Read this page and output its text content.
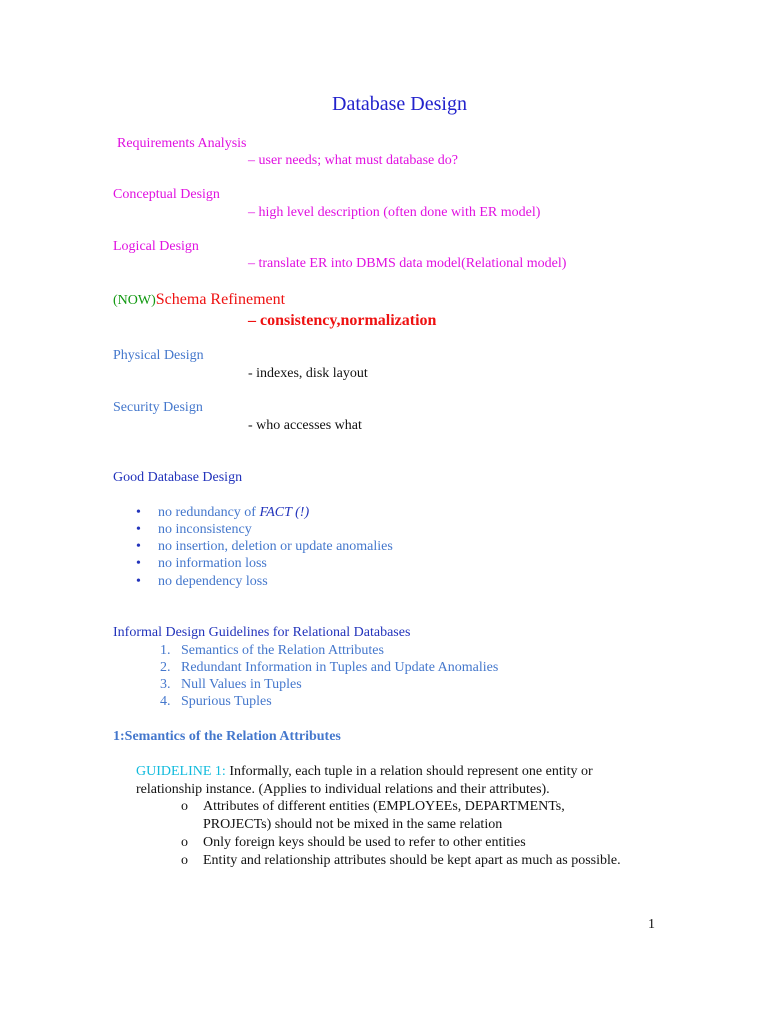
Database Design
Requirements Analysis
– user needs; what must database do?
Conceptual Design
– high level description (often done with ER model)
Logical Design
– translate ER into DBMS data model(Relational model)
(NOW)Schema Refinement
– consistency,normalization
Physical Design
- indexes, disk layout
Security Design
- who accesses what
Good Database Design
• no redundancy of FACT (!)
• no inconsistency
• no insertion, deletion or update anomalies
• no information loss
• no dependency loss
Informal Design Guidelines for Relational Databases
1. Semantics of the Relation Attributes
2. Redundant Information in Tuples and Update Anomalies
3. Null Values in Tuples
4. Spurious Tuples
1:Semantics of the Relation Attributes
GUIDELINE 1: Informally, each tuple in a relation should represent one entity or
relationship instance. (Applies to individual relations and their attributes).
o Attributes of different entities (EMPLOYEEs, DEPARTMENTs,
PROJECTs) should not be mixed in the same relation
o Only foreign keys should be used to refer to other entities
o Entity and relationship attributes should be kept apart as much as possible.
1
